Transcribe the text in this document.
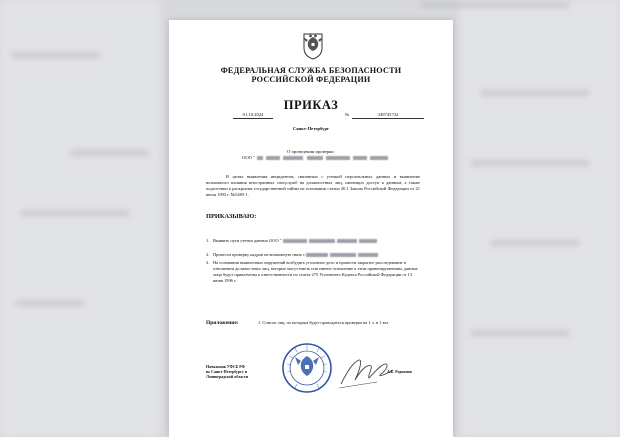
ФЕДЕРАЛЬНАЯ СЛУЖБА БЕЗОПАСНОСТИ
РОССИЙСКОЙ ФЕДЕРАЦИИ
ПРИКАЗ
01.10.2024	№	349745732
Санкт-Петербург
О проведении проверки
ООО "
В целях выявления инцидентов, связанных с утечкой персональных данных и выявление возможного влияния иностранных спецслужб на должностных лиц, имеющих доступ к данным, а также подготовки к раскрытия государственной тайны на основании статьи 30.1 Закона Российской Федерации от 21 июля 1993 г. №5485-1.
ПРИКАЗЫВАЮ:
1. Выявить пути утечки данных ООО "
2. Провести проверку кадров на возможную связь с
3. На основании выявленных нарушений возбудить уголовное дело и провести закрытое расследование в отношении должностных лиц, которые могут иметь или имеют отношение к этим правонарушениям, данные лица будут привлечены к ответственности по статье 275 Уголовного Кодекса Российской Федерации от 13 июня 1996 г.
Приложение:	1. Список лиц, по которым будет проводиться проверка на 1 л. в 1 экз.
Начальник УФСБ РФ
по Санкт-Петербургу и
Ленинградской области
А.Б. Родионов
